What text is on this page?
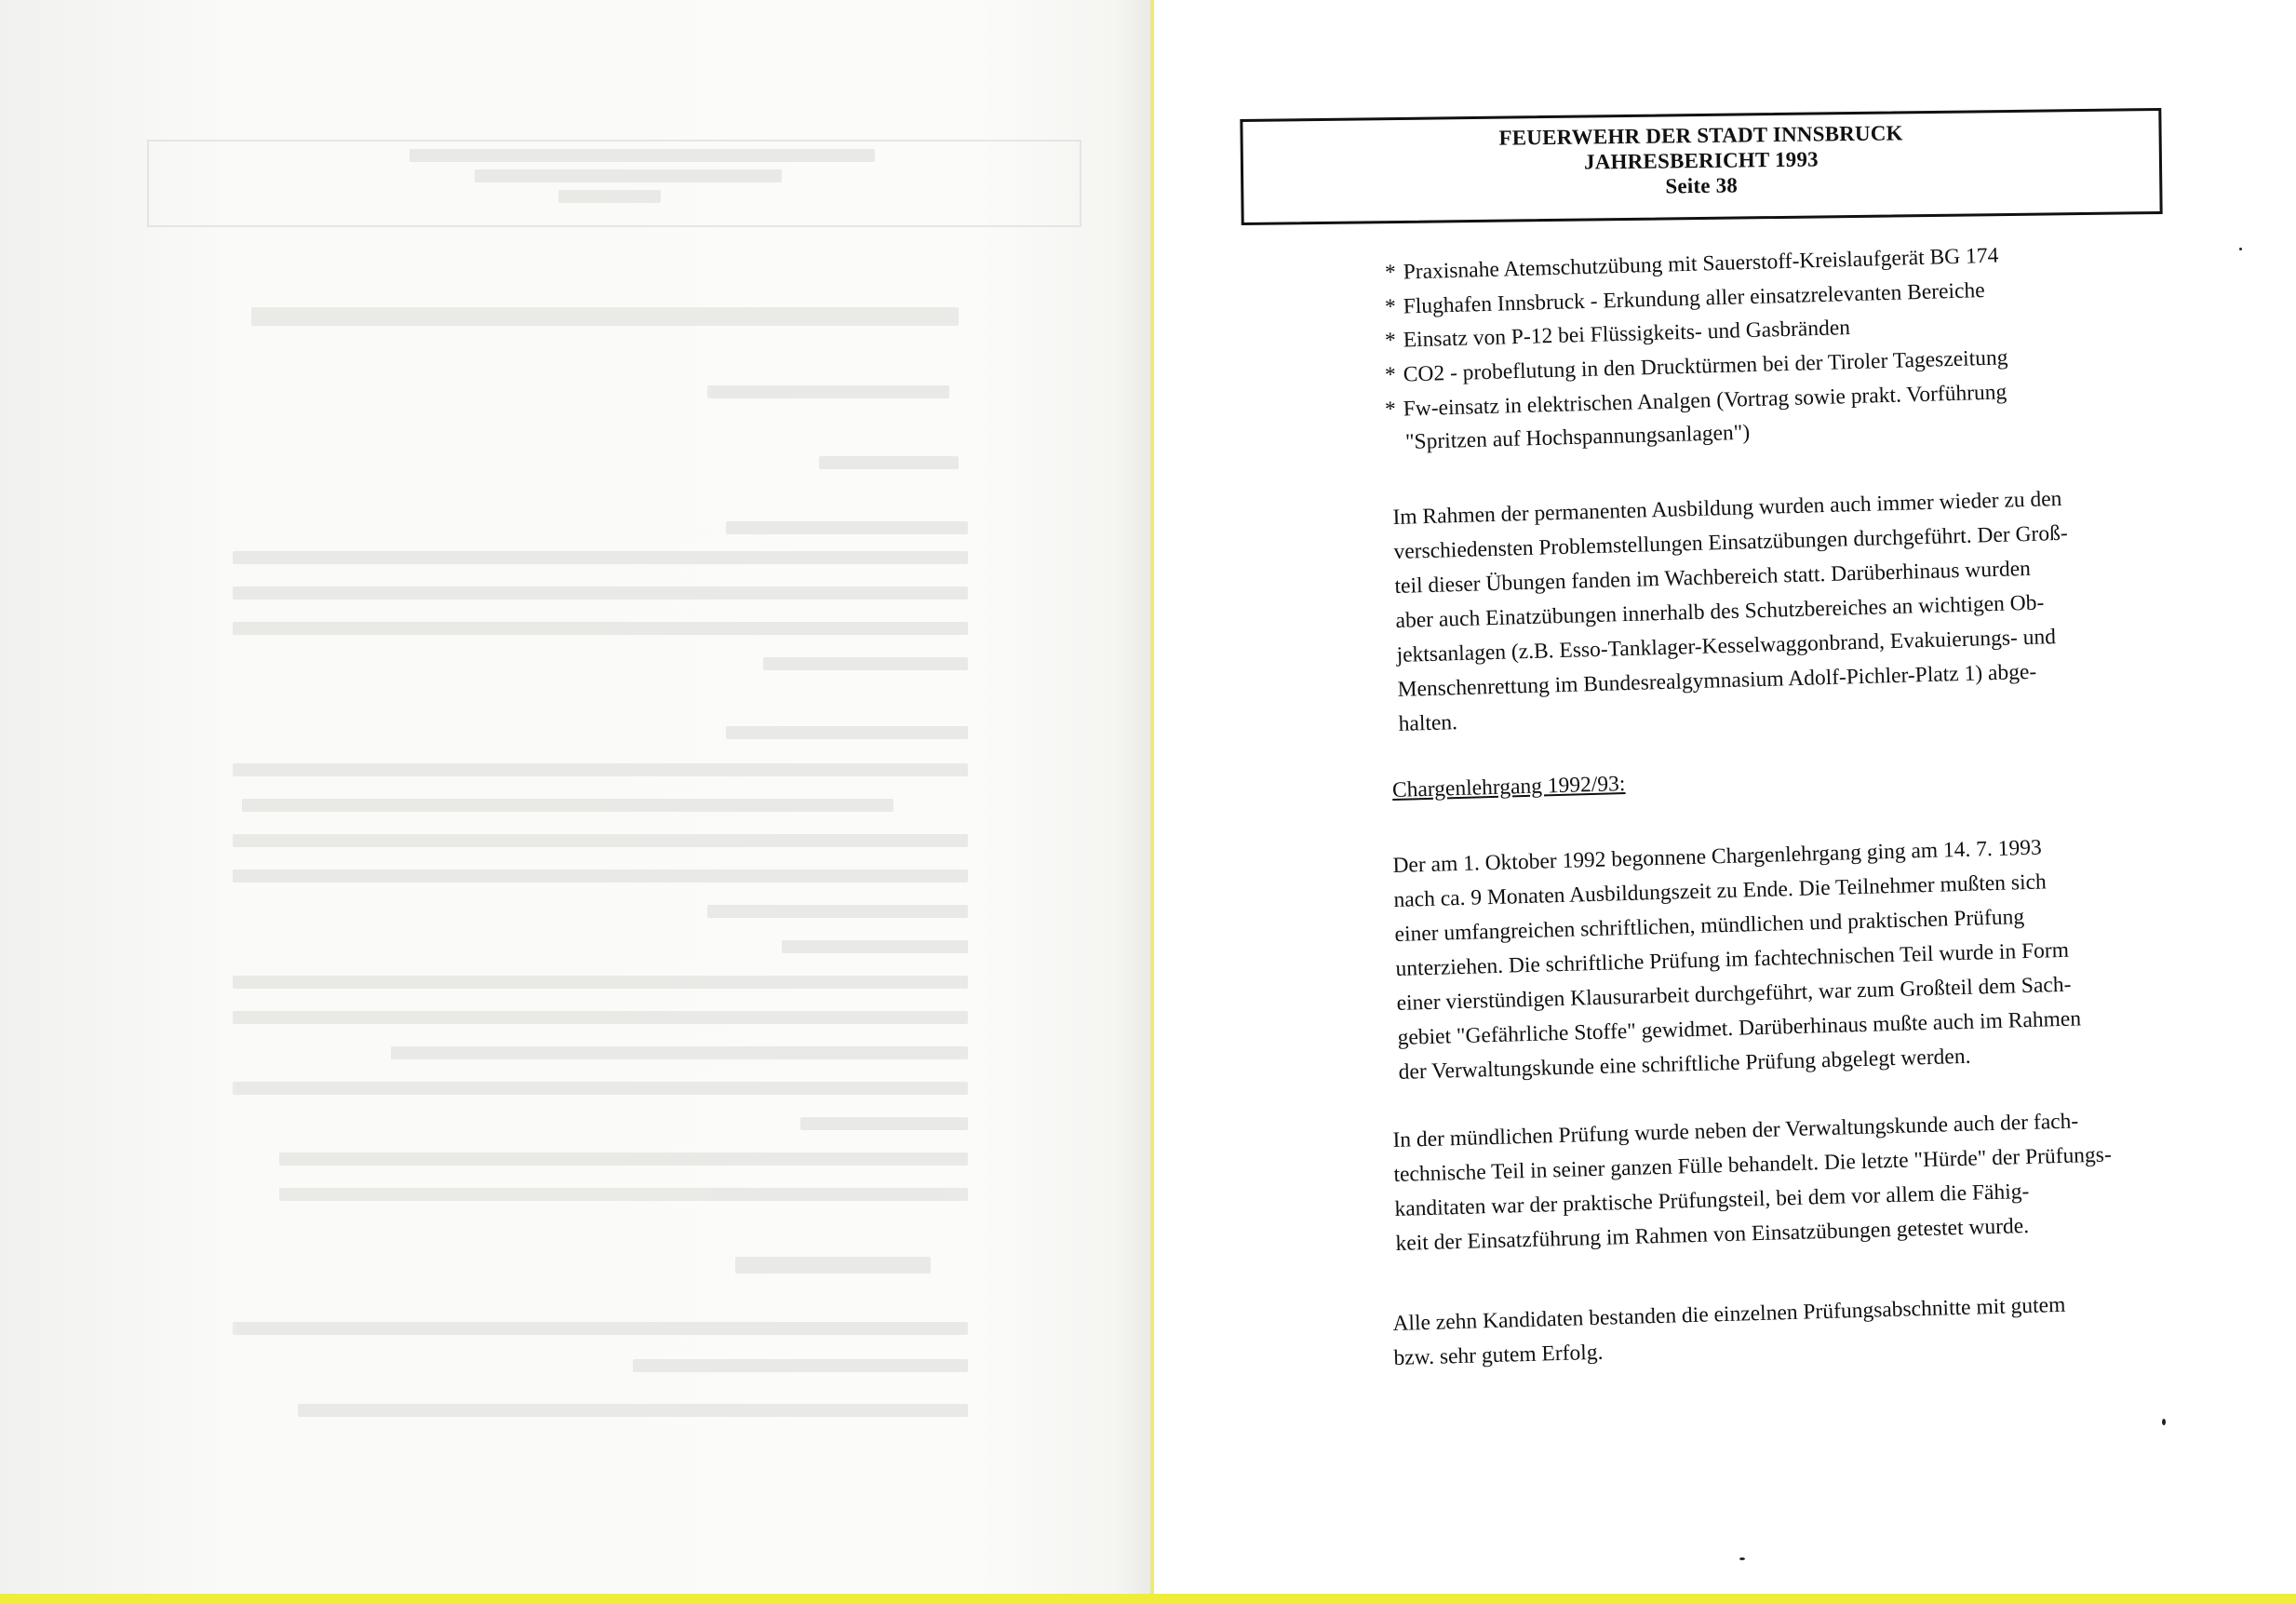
FEUERWEHR DER STADT INNSBRUCK
JAHRESBERICHT 1993
Seite 38
* Praxisnahe Atemschutzübung mit Sauerstoff-Kreislaufgerät BG 174
* Flughafen Innsbruck - Erkundung aller einsatzrelevanten Bereiche
* Einsatz von P-12 bei Flüssigkeits- und Gasbränden
* CO2 - probeflutung in den Drucktürmen bei der Tiroler Tageszeitung
* Fw-einsatz in elektrischen Analgen (Vortrag sowie prakt. Vorführung
"Spritzen auf Hochspannungsanlagen")
Im Rahmen der permanenten Ausbildung wurden auch immer wieder zu den
verschiedensten Problemstellungen Einsatzübungen durchgeführt. Der Groß-
teil dieser Übungen fanden im Wachbereich statt. Darüberhinaus wurden
aber auch Einatzübungen innerhalb des Schutzbereiches an wichtigen Ob-
jektsanlagen (z.B. Esso-Tanklager-Kesselwaggonbrand, Evakuierungs- und
Menschenrettung im Bundesrealgymnasium Adolf-Pichler-Platz 1) abge-
halten.
Chargenlehrgang 1992/93:
Der am 1. Oktober 1992 begonnene Chargenlehrgang ging am 14. 7. 1993
nach ca. 9 Monaten Ausbildungszeit zu Ende. Die Teilnehmer mußten sich
einer umfangreichen schriftlichen, mündlichen und praktischen Prüfung
unterziehen. Die schriftliche Prüfung im fachtechnischen Teil wurde in Form
einer vierstündigen Klausurarbeit durchgeführt, war zum Großteil dem Sach-
gebiet "Gefährliche Stoffe" gewidmet. Darüberhinaus mußte auch im Rahmen
der Verwaltungskunde eine schriftliche Prüfung abgelegt werden.
In der mündlichen Prüfung wurde neben der Verwaltungskunde auch der fach-
technische Teil in seiner ganzen Fülle behandelt. Die letzte "Hürde" der Prüfungs-
kanditaten war der praktische Prüfungsteil, bei dem vor allem die Fähig-
keit der Einsatzführung im Rahmen von Einsatzübungen getestet wurde.
Alle zehn Kandidaten bestanden die einzelnen Prüfungsabschnitte mit gutem
bzw. sehr gutem Erfolg.
